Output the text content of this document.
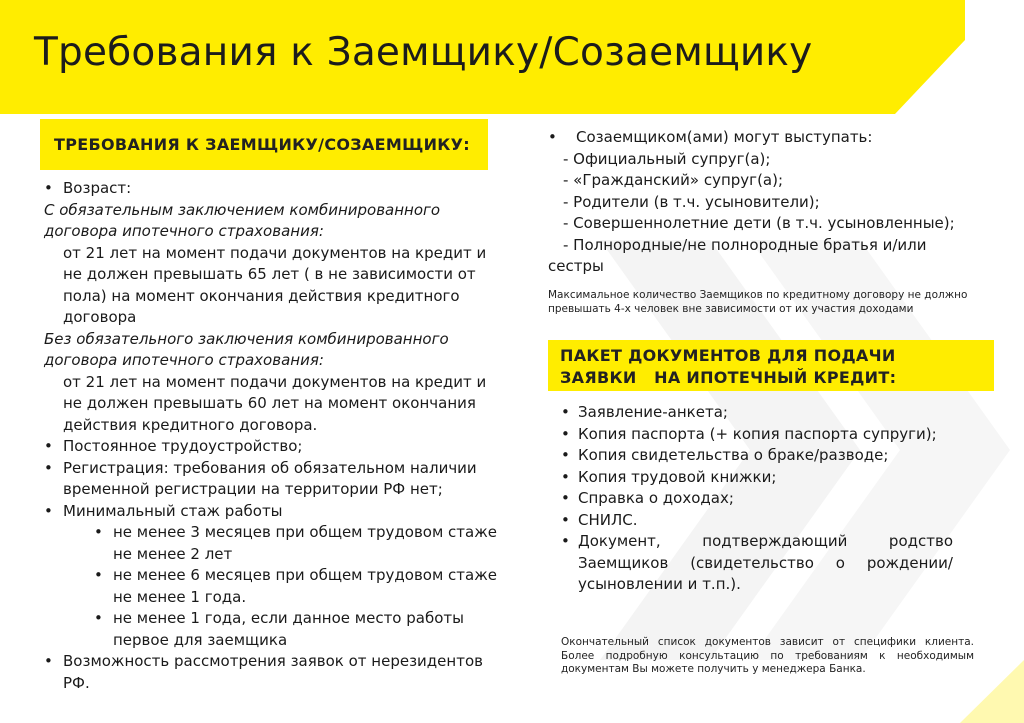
Требования к Заемщику/Созаемщику
ТРЕБОВАНИЯ К ЗАЕМЩИКУ/СОЗАЕМЩИКУ:
• Возраст:
С обязательным заключением комбинированного
договора ипотечного страхования:
от 21 лет на момент подачи документов на кредит и
не должен превышать 65 лет ( в не зависимости от
пола) на момент окончания действия кредитного
договора
Без обязательного заключения комбинированного
договора ипотечного страхования:
от 21 лет на момент подачи документов на кредит и
не должен превышать 60 лет на момент окончания
действия кредитного договора.
• Постоянное трудоустройство;
• Регистрация: требования об обязательном наличии
временной регистрации на территории РФ нет;
• Минимальный стаж работы
• не менее 3 месяцев при общем трудовом стаже
не менее 2 лет
• не менее 6 месяцев при общем трудовом стаже
не менее 1 года.
• не менее 1 года, если данное место работы
первое для заемщика
• Возможность рассмотрения заявок от нерезидентов
РФ.
• Созаемщиком(ами) могут выступать:
- Официальный супруг(а);
- «Гражданский» супруг(а);
- Родители (в т.ч. усыновители);
- Совершеннолетние дети (в т.ч. усыновленные);
- Полнородные/не полнородные братья и/или
сестры
Максимальное количество Заемщиков по кредитному договору не должно превышать 4-х человек вне зависимости от их участия доходами
ПАКЕТ ДОКУМЕНТОВ ДЛЯ ПОДАЧИ
ЗАЯВКИ   НА ИПОТЕЧНЫЙ КРЕДИТ:
• Заявление-анкета;
• Копия паспорта (+ копия паспорта супруги);
• Копия свидетельства о браке/разводе;
• Копия трудовой книжки;
• Справка о доходах;
• СНИЛС.
• Документ, подтверждающий родство Заемщиков (свидетельство о рождении/усыновлении и т.п.).
Окончательный список документов зависит от специфики клиента. Более подробную консультацию по требованиям к необходимым документам Вы можете получить у менеджера Банка.
